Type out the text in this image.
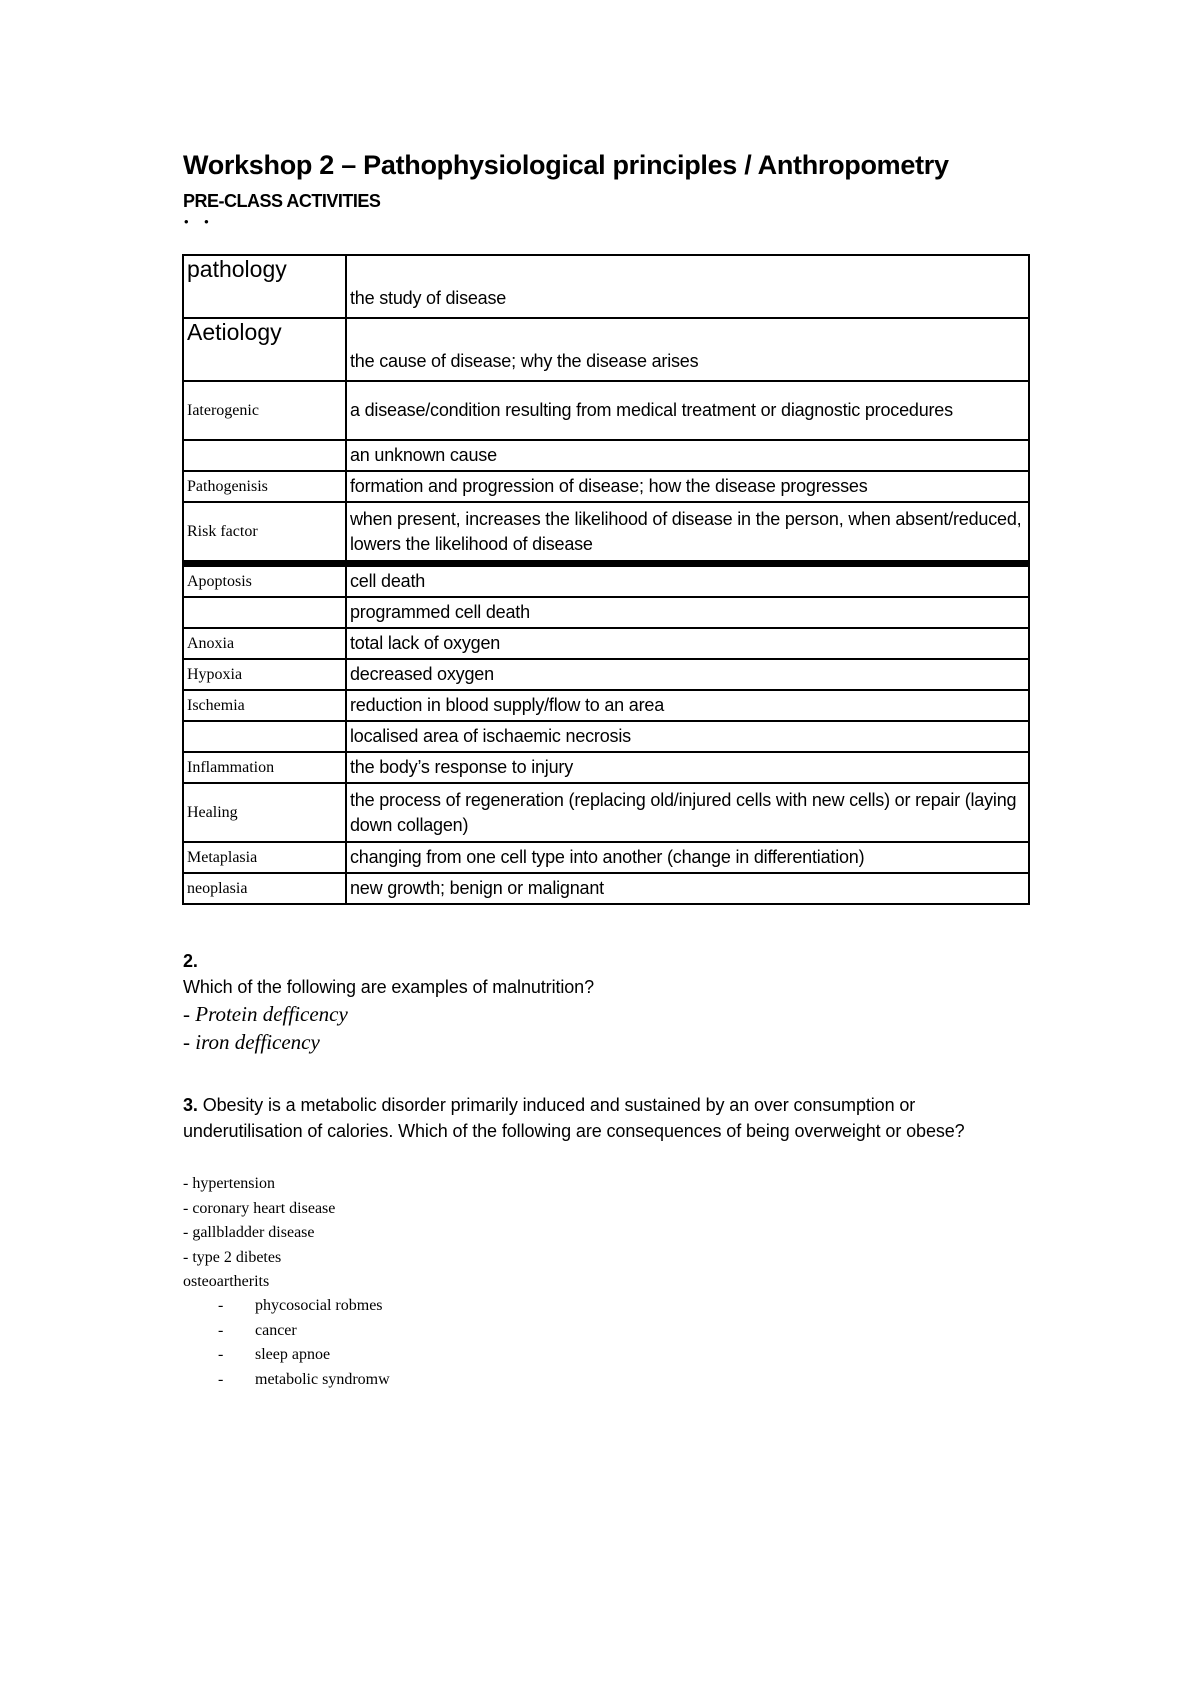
Workshop 2 – Pathophysiological principles / Anthropometry
PRE-CLASS ACTIVITIES
• •
pathology	the study of disease
Aetiology	the cause of disease; why the disease arises
Iaterogenic	a disease/condition resulting from medical treatment or diagnostic procedures
	an unknown cause
Pathogenisis	formation and progression of disease; how the disease progresses
Risk factor	when present, increases the likelihood of disease in the person, when absent/reduced, lowers the likelihood of disease
Apoptosis	cell death
	programmed cell death
Anoxia	total lack of oxygen
Hypoxia	decreased oxygen
Ischemia	reduction in blood supply/flow to an area
	localised area of ischaemic necrosis
Inflammation	the body’s response to injury
Healing	the process of regeneration (replacing old/injured cells with new cells) or repair (laying down collagen)
Metaplasia	changing from one cell type into another (change in differentiation)
neoplasia	new growth; benign or malignant
2.
Which of the following are examples of malnutrition?
- Protein defficency
- iron defficency
3. Obesity is a metabolic disorder primarily induced and sustained by an over consumption or underutilisation of calories. Which of the following are consequences of being overweight or obese?
- hypertension
- coronary heart disease
- gallbladder disease
- type 2 dibetes
osteoartherits
- phycosocial robmes
- cancer
- sleep apnoe
- metabolic syndromw
